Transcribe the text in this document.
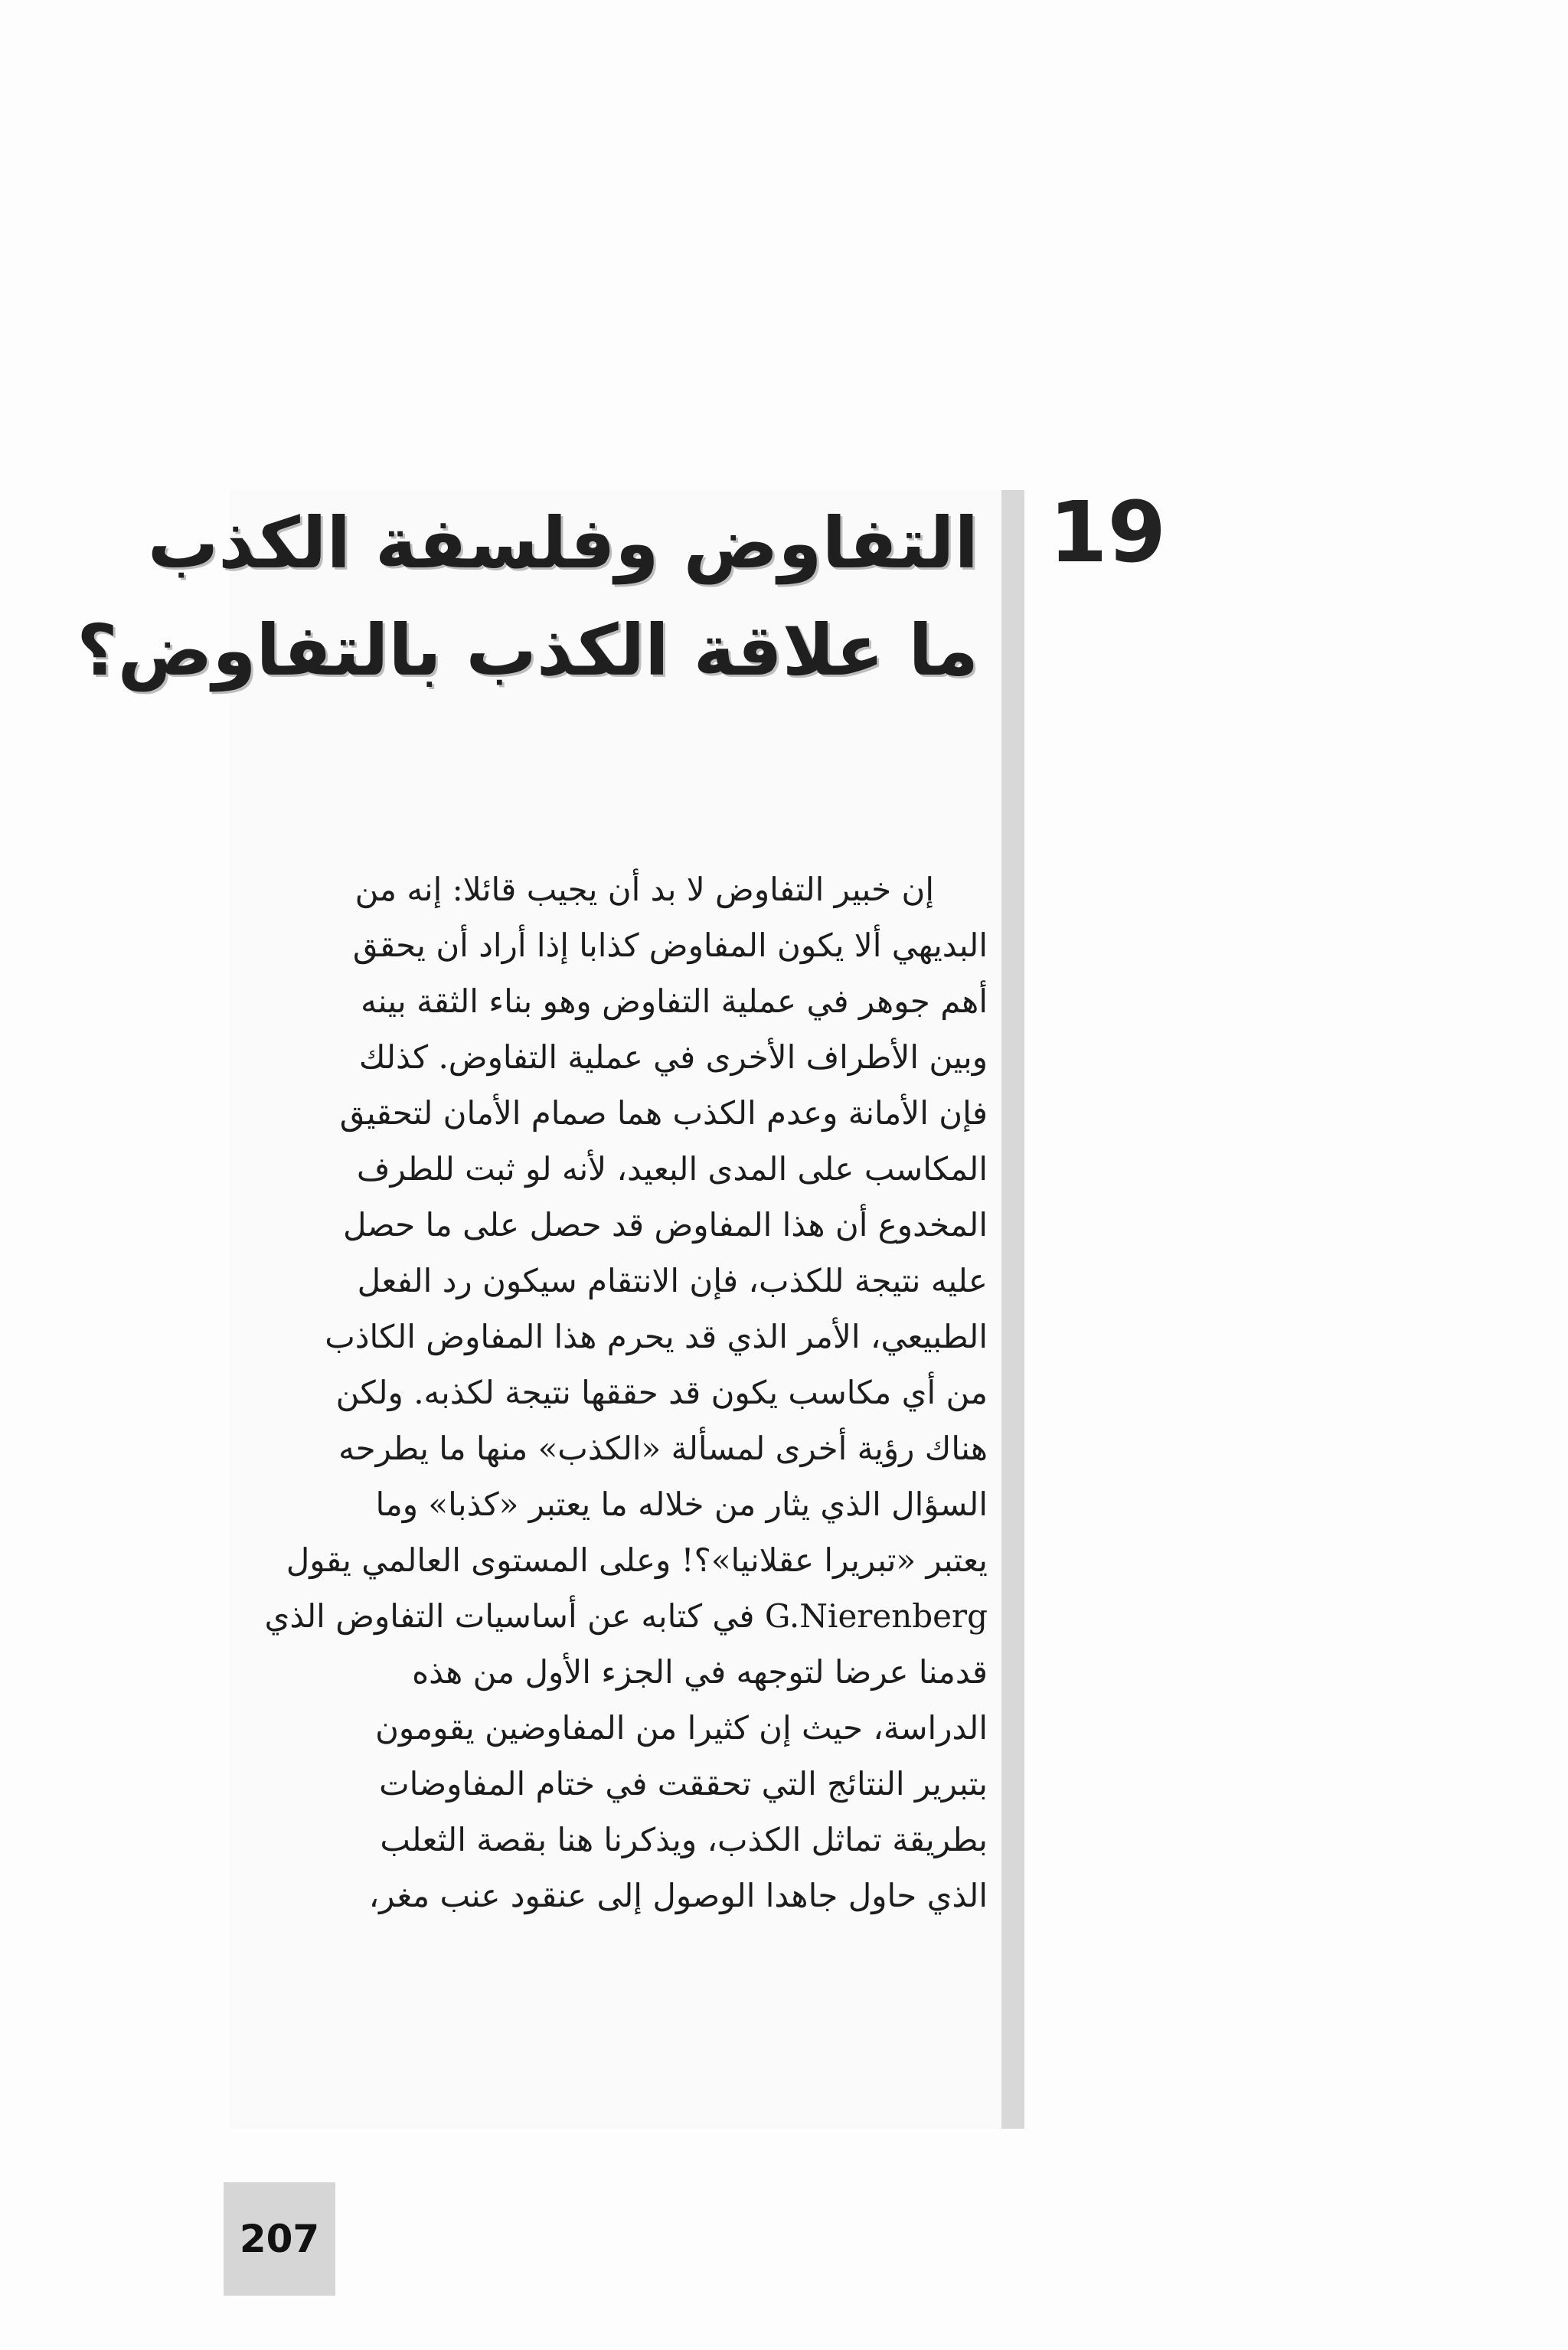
19
التفاوض وفلسفة الكذب
ما علاقة الكذب بالتفاوض؟
إن خبير التفاوض لا بد أن يجيب قائلا: إنه من
البديهي ألا يكون المفاوض كذابا إذا أراد أن يحقق
أهم جوهر في عملية التفاوض وهو بناء الثقة بينه
وبين الأطراف الأخرى في عملية التفاوض. كذلك
فإن الأمانة وعدم الكذب هما صمام الأمان لتحقيق
المكاسب على المدى البعيد، لأنه لو ثبت للطرف
المخدوع أن هذا المفاوض قد حصل على ما حصل
عليه نتيجة للكذب، فإن الانتقام سيكون رد الفعل
الطبيعي، الأمر الذي قد يحرم هذا المفاوض الكاذب
من أي مكاسب يكون قد حققها نتيجة لكذبه. ولكن
هناك رؤية أخرى لمسألة «الكذب» منها ما يطرحه
السؤال الذي يثار من خلاله ما يعتبر «كذبا» وما
يعتبر «تبريرا عقلانيا»؟! وعلى المستوى العالمي يقول
G.Nierenberg في كتابه عن أساسيات التفاوض الذي
قدمنا عرضا لتوجهه في الجزء الأول من هذه
الدراسة، حيث إن كثيرا من المفاوضين يقومون
بتبرير النتائج التي تحققت في ختام المفاوضات
بطريقة تماثل الكذب، ويذكرنا هنا بقصة الثعلب
الذي حاول جاهدا الوصول إلى عنقود عنب مغر،
207
